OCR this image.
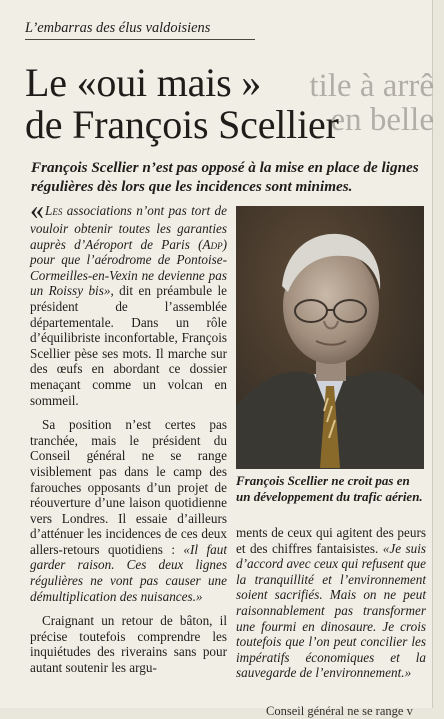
tile à arrê
en belle
L’embarras des élus valdoisiens
Le «oui mais »
de François Scellier
François Scellier n’est pas opposé à la mise en place de lignes régulières dès lors que les incidences sont minimes.

«Les associations n’ont pas tort de vouloir obtenir toutes les garanties auprès d’Aéroport de Paris (Adp) pour que l’aérodrome de Pontoise-Cormeilles-en-Vexin ne devienne pas un Roissy bis», dit en préambule le président de l’assemblée départementale. Dans un rôle d’équilibriste inconfortable, François Scellier pèse ses mots. Il marche sur des œufs en abordant ce dossier menaçant comme un volcan en sommeil.

Sa position n’est certes pas tranchée, mais le président du Conseil général ne se range visiblement pas dans le camp des farouches opposants d’un projet de réouverture d’une laison quotidienne vers Londres. Il essaie d’ailleurs d’atténuer les incidences de ces deux allers-retours quotidiens : «Il faut garder raison. Ces deux lignes régulières ne vont pas causer une démultiplication des nuisances.»

Craignant un retour de bâton, il précise toutefois comprendre les inquiétudes des riverains sans pour autant soutenir les argu-

François Scellier ne croit pas en un développement du trafic aérien.

ments de ceux qui agitent des peurs et des chiffres fantaisistes. «Je suis d’accord avec ceux qui refusent que la tranquillité et l’environnement soient sacrifiés. Mais on ne peut raisonnablement pas transformer une fourmi en dinosaure. Je crois toutefois que l’on peut concilier les impératifs économiques et la sauvegarde de l’environnement.»

Conseil général ne se range v
